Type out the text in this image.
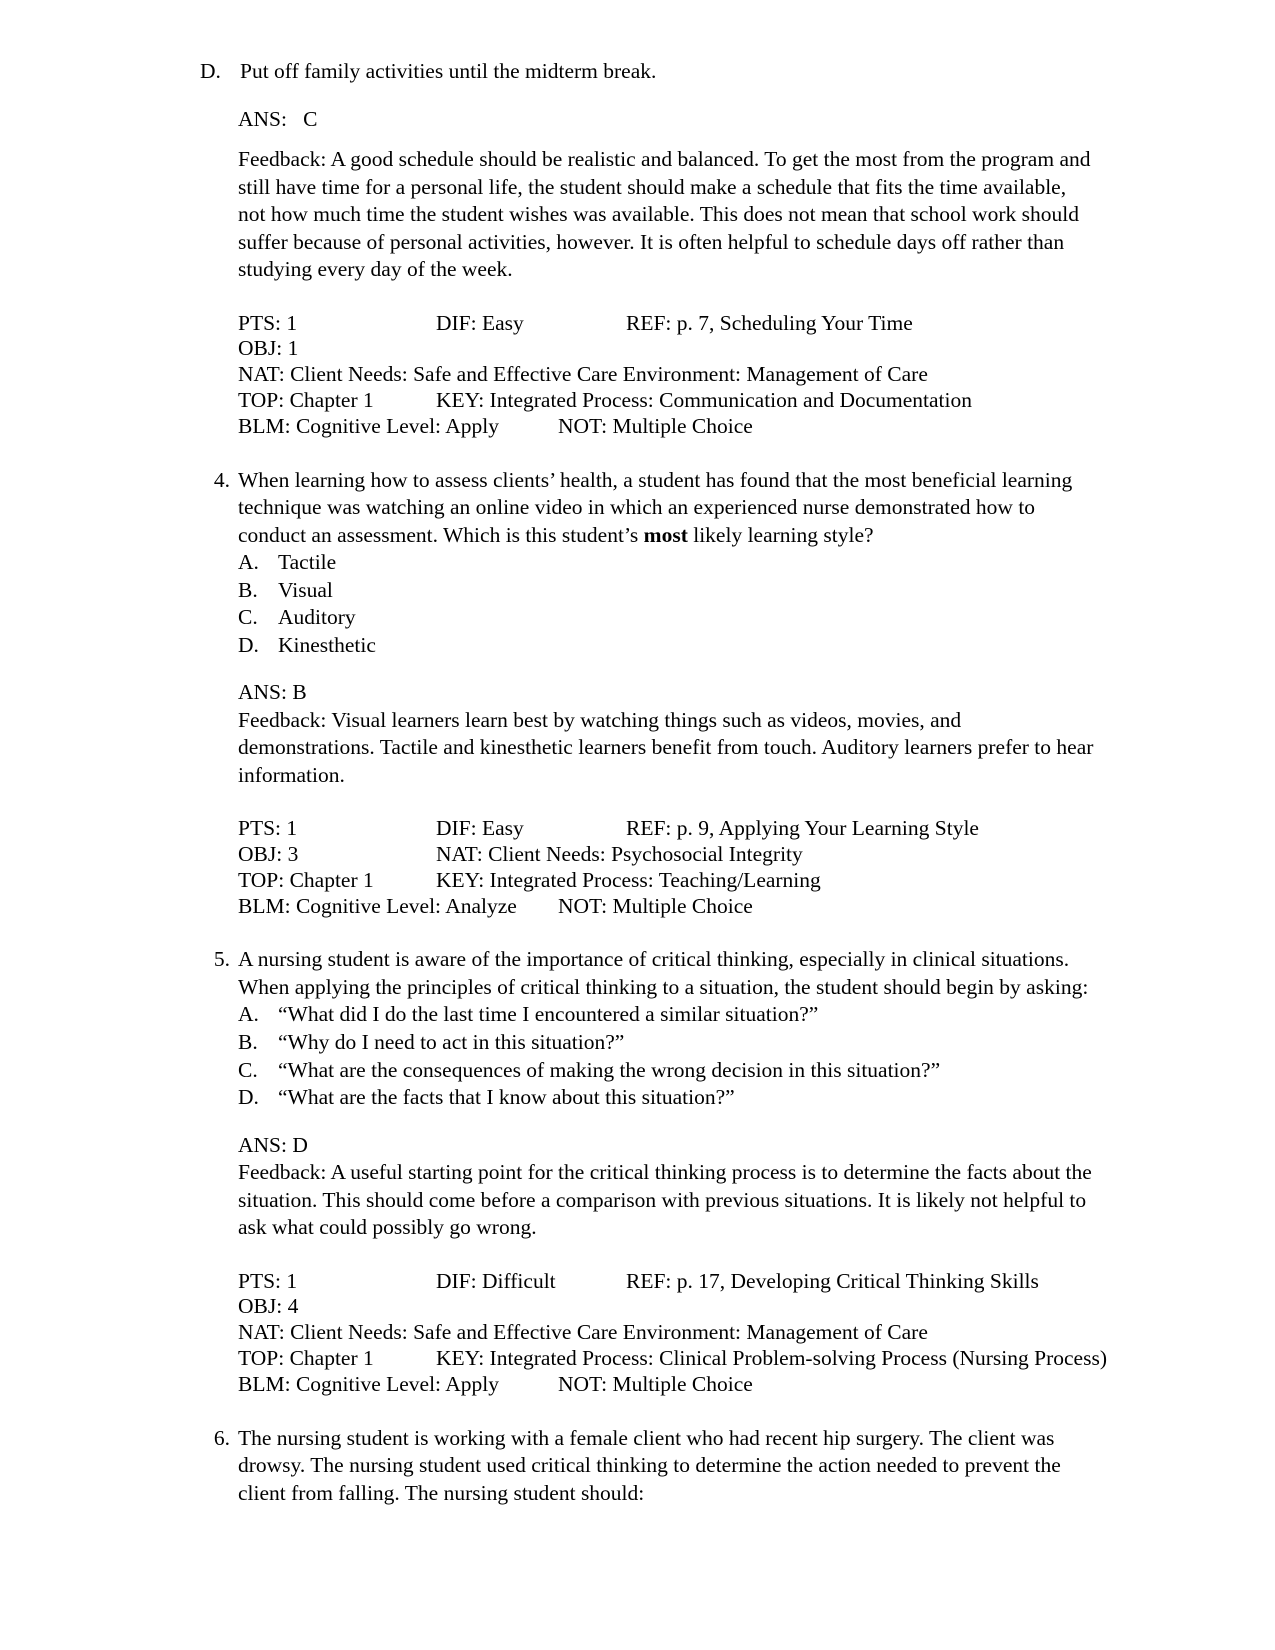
D. Put off family activities until the midterm break.
ANS: C
Feedback: A good schedule should be realistic and balanced. To get the most from the program and still have time for a personal life, the student should make a schedule that fits the time available, not how much time the student wishes was available. This does not mean that school work should suffer because of personal activities, however. It is often helpful to schedule days off rather than studying every day of the week.
PTS: 1	DIF: Easy	REF: p. 7, Scheduling Your Time
OBJ: 1
NAT: Client Needs: Safe and Effective Care Environment: Management of Care
TOP: Chapter 1	KEY: Integrated Process: Communication and Documentation
BLM: Cognitive Level: Apply	NOT: Multiple Choice
4. When learning how to assess clients’ health, a student has found that the most beneficial learning technique was watching an online video in which an experienced nurse demonstrated how to conduct an assessment. Which is this student’s most likely learning style?
A. Tactile
B. Visual
C. Auditory
D. Kinesthetic
ANS: B
Feedback: Visual learners learn best by watching things such as videos, movies, and demonstrations. Tactile and kinesthetic learners benefit from touch. Auditory learners prefer to hear information.
PTS: 1	DIF: Easy	REF: p. 9, Applying Your Learning Style
OBJ: 3	NAT: Client Needs: Psychosocial Integrity
TOP: Chapter 1	KEY: Integrated Process: Teaching/Learning
BLM: Cognitive Level: Analyze NOT: Multiple Choice
5. A nursing student is aware of the importance of critical thinking, especially in clinical situations. When applying the principles of critical thinking to a situation, the student should begin by asking:
A. “What did I do the last time I encountered a similar situation?”
B. “Why do I need to act in this situation?”
C. “What are the consequences of making the wrong decision in this situation?”
D. “What are the facts that I know about this situation?”
ANS: D
Feedback: A useful starting point for the critical thinking process is to determine the facts about the situation. This should come before a comparison with previous situations. It is likely not helpful to ask what could possibly go wrong.
PTS: 1	DIF: Difficult	REF: p. 17, Developing Critical Thinking Skills
OBJ: 4
NAT: Client Needs: Safe and Effective Care Environment: Management of Care
TOP: Chapter 1	KEY: Integrated Process: Clinical Problem-solving Process (Nursing Process)
BLM: Cognitive Level: Apply	NOT: Multiple Choice
6. The nursing student is working with a female client who had recent hip surgery. The client was drowsy. The nursing student used critical thinking to determine the action needed to prevent the client from falling. The nursing student should:
